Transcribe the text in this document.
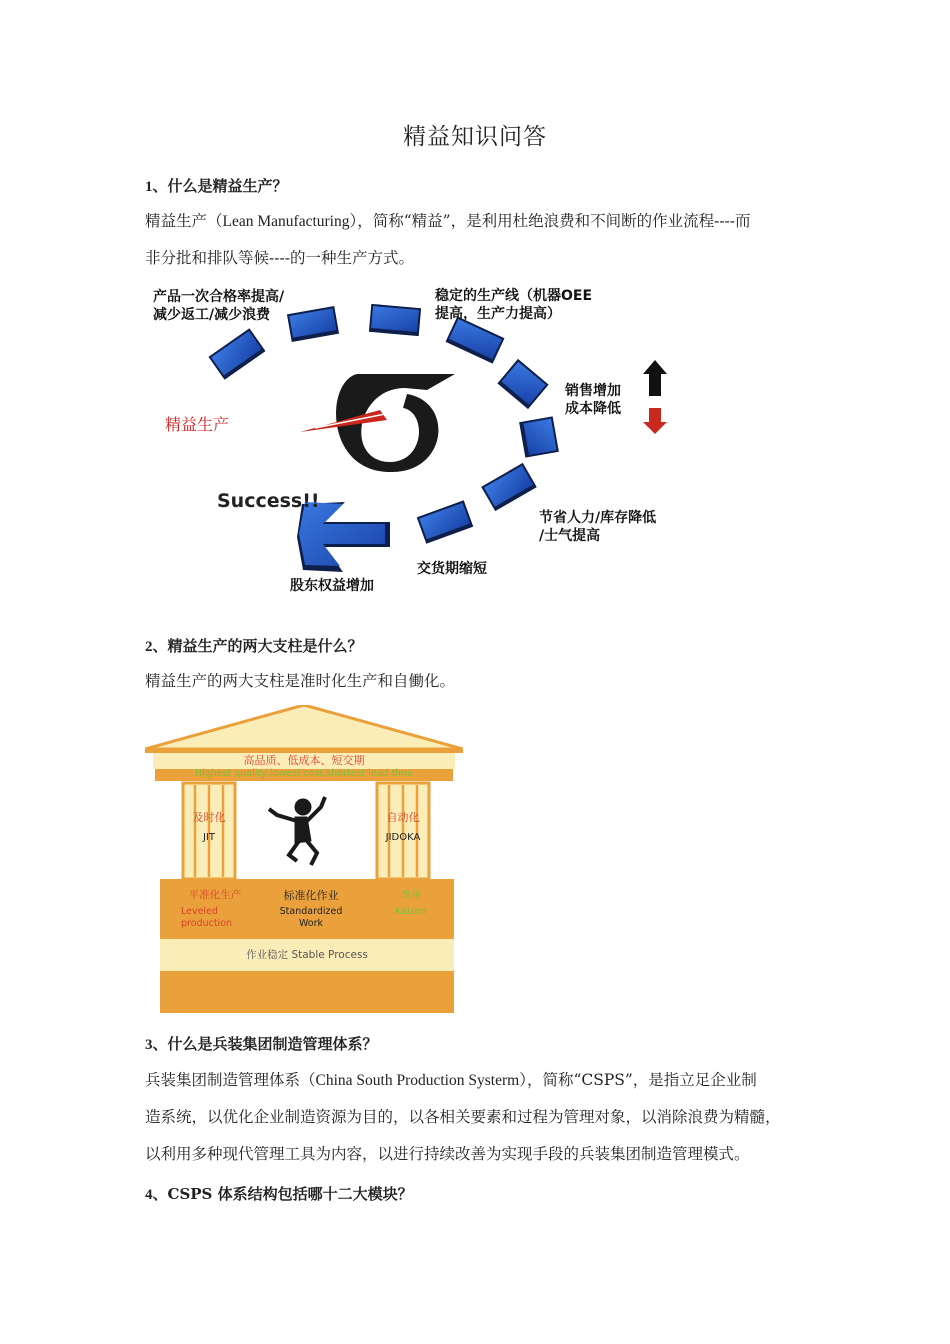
精益知识问答
1、什么是精益生产？
精益生产（Lean Manufacturing），简称“精益”，是利用杜绝浪费和不间断的作业流程----而
非分批和排队等候----的一种生产方式。
产品一次合格率提高/
减少返工/减少浪费
稳定的生产线（机器OEE
提高，生产力提高）
销售增加
成本降低
节省人力/库存降低
/士气提高
交货期缩短
股东权益增加
Success!!
精益生产
2、精益生产的两大支柱是什么？
精益生产的两大支柱是准时化生产和自働化。
高品质、低成本、短交期
Highest quality,lowest cost,shortest lead time
及时化
JIT
自动化
JIDOKA
平准化生产
Leveled
production
标准化作业
Standardized
Work
改善
Kaizen
作业稳定 Stable Process
3、什么是兵装集团制造管理体系？
兵装集团制造管理体系（China South Production Systerm），简称“CSPS”，是指立足企业制
造系统，以优化企业制造资源为目的，以各相关要素和过程为管理对象，以消除浪费为精髓，
以利用多种现代管理工具为内容，以进行持续改善为实现手段的兵装集团制造管理模式。
4、CSPS 体系结构包括哪十二大模块？
